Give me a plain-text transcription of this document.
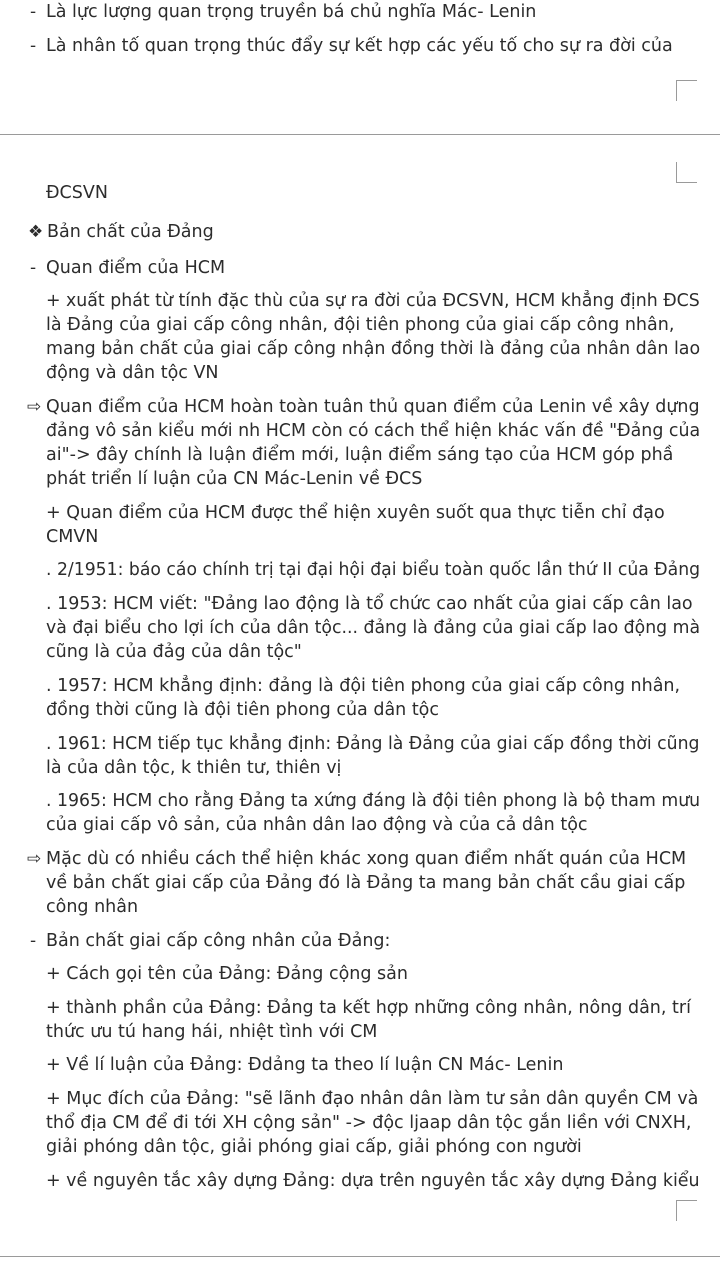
- Là lực lượng quan trọng truyền bá chủ nghĩa Mác- Lenin
- Là nhân tố quan trọng thúc đẩy sự kết hợp các yếu tố cho sự ra đời của
ĐCSVN
❖ Bản chất của Đảng
- Quan điểm của HCM
+ xuất phát từ tính đặc thù của sự ra đời của ĐCSVN, HCM khẳng định ĐCS
là Đảng của giai cấp công nhân, đội tiên phong của giai cấp công nhân,
mang bản chất của giai cấp công nhận đồng thời là đảng của nhân dân lao
động và dân tộc VN
⇨ Quan điểm của HCM hoàn toàn tuân thủ quan điểm của Lenin về xây dựng
đảng vô sản kiểu mới nh HCM còn có cách thể hiện khác vấn đề "Đảng của
ai"-> đây chính là luận điểm mới, luận điểm sáng tạo của HCM góp phầ
phát triển lí luận của CN Mác-Lenin về ĐCS
+ Quan điểm của HCM được thể hiện xuyên suốt qua thực tiễn chỉ đạo
CMVN
. 2/1951: báo cáo chính trị tại đại hội đại biểu toàn quốc lần thứ II của Đảng
. 1953: HCM viết: "Đảng lao động là tổ chức cao nhất của giai cấp cân lao
và đại biểu cho lợi ích của dân tộc... đảng là đảng của giai cấp lao động mà
cũng là của đảg của dân tộc"
. 1957: HCM khẳng định: đảng là đội tiên phong của giai cấp công nhân,
đồng thời cũng là đội tiên phong của dân tộc
. 1961: HCM tiếp tục khẳng định: Đảng là Đảng của giai cấp đồng thời cũng
là của dân tộc, k thiên tư, thiên vị
. 1965: HCM cho rằng Đảng ta xứng đáng là đội tiên phong là bộ tham mưu
của giai cấp vô sản, của nhân dân lao động và của cả dân tộc
⇨ Mặc dù có nhiều cách thể hiện khác xong quan điểm nhất quán của HCM
về bản chất giai cấp của Đảng đó là Đảng ta mang bản chất cầu giai cấp
công nhân
- Bản chất giai cấp công nhân của Đảng:
+ Cách gọi tên của Đảng: Đảng cộng sản
+ thành phần của Đảng: Đảng ta kết hợp những công nhân, nông dân, trí
thức ưu tú hang hái, nhiệt tình với CM
+ Về lí luận của Đảng: Đdảng ta theo lí luận CN Mác- Lenin
+ Mục đích của Đảng: "sẽ lãnh đạo nhân dân làm tư sản dân quyền CM và
thổ địa CM để đi tới XH cộng sản" -> độc ljaap dân tộc gắn liền với CNXH,
giải phóng dân tộc, giải phóng giai cấp, giải phóng con người
+ về nguyên tắc xây dựng Đảng: dựa trên nguyên tắc xây dựng Đảng kiểu
